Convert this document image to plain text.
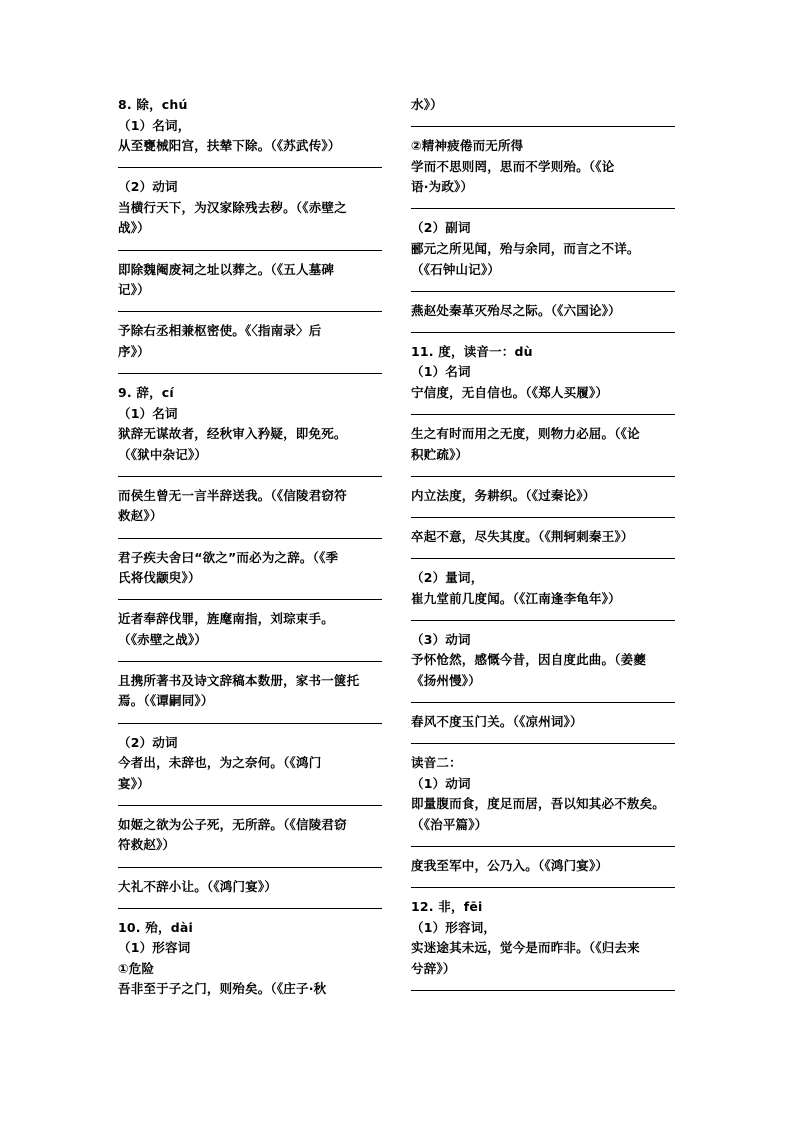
8. 除，chú
（1）名词，
从至甕械阳宫，扶辇下除。（《苏武传》）
（2）动词
当横行天下，为汉家除残去秽。（《赤壁之
战》）
即除魏阉废祠之址以葬之。（《五人墓碑
记》）
予除右丞相兼枢密使。《〈指南录〉后
序》）
9. 辞，cí
（1）名词
狱辞无谋故者，经秋审入矜疑，即免死。
（《狱中杂记》）
而侯生曾无一言半辞送我。（《信陵君窃符
救赵》）
君子疾夫舍曰“欲之”而必为之辞。（《季
氏将伐颛臾》）
近者奉辞伐罪，旌麾南指，刘琮束手。
（《赤壁之战》）
且携所著书及诗文辞稿本数册，家书一箧托
焉。（《谭嗣同》）
（2）动词
今者出，未辞也，为之奈何。（《鸿门
宴》）
如姬之欲为公子死，无所辞。（《信陵君窃
符救赵》）
大礼不辞小让。（《鸿门宴》）
10. 殆，dài
（1）形容词
①危险
吾非至于子之门，则殆矣。（《庄子·秋
水》）
②精神疲倦而无所得
学而不思则罔，思而不学则殆。（《论
语·为政》）
（2）副词
郦元之所见闻，殆与余同，而言之不详。
（《石钟山记》）
燕赵处秦革灭殆尽之际。（《六国论》）
11. 度，读音一：dù
（1）名词
宁信度，无自信也。（《郑人买履》）
生之有时而用之无度，则物力必屈。（《论
积贮疏》）
内立法度，务耕织。（《过秦论》）
卒起不意，尽失其度。（《荆轲刺秦王》）
（2）量词，
崔九堂前几度闻。（《江南逢李龟年》）
（3）动词
予怀怆然，感慨今昔，因自度此曲。（姜夔
《扬州慢》）
春风不度玉门关。（《凉州词》）
读音二：
（1）动词
即量腹而食，度足而居，吾以知其必不敖矣。
（《治平篇》）
度我至军中，公乃入。（《鸿门宴》）
12. 非，fēi
（1）形容词，
实迷途其未远，觉今是而昨非。（《归去来
兮辞》）
